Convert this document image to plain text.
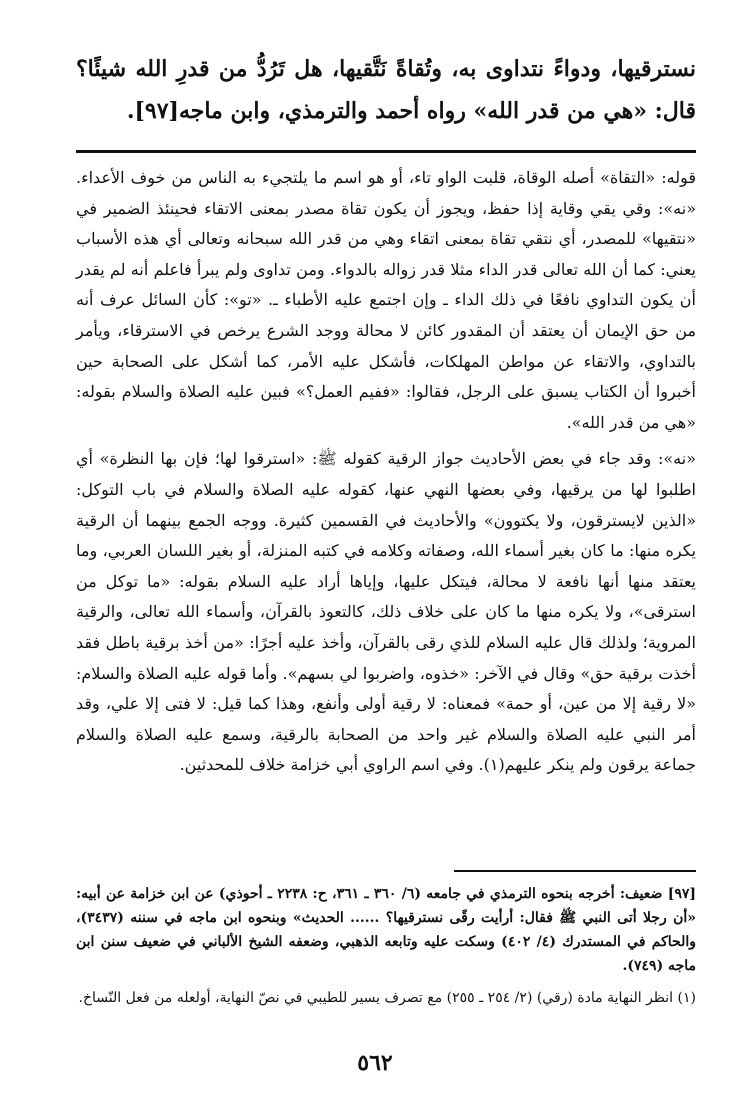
نسترقيها، ودواءً نتداوى به، وتُقاةً نَتَّقيها، هل تَرُدُّ من قدرِ الله شيئًا؟ قال: «هي من قدر الله» رواه أحمد والترمذي، وابن ماجه[٩٧].

قوله: «التقاة» أصله الوقاة، قلبت الواو تاء، أو هو اسم ما يلتجيء به الناس من خوف الأعداء. «نه»: وقي يقي وقاية إذا حفظ، ويجوز أن يكون تقاة مصدر بمعنى الاتقاء فحينئذ الضمير في «نتقيها» للمصدر، أي نتقي تقاة بمعنى اتقاء وهي من قدر الله سبحانه وتعالى أي هذه الأسباب يعني: كما أن الله تعالى قدر الداء مثلا قدر زواله بالدواء. ومن تداوى ولم يبرأ فاعلم أنه لم يقدر أن يكون التداوي نافعًا في ذلك الداء ـ وإن اجتمع عليه الأطباء ـ. «تو»: كأن السائل عرف أنه من حق الإيمان أن يعتقد أن المقدور كائن لا محالة ووجد الشرع يرخص في الاسترقاء، ويأمر بالتداوي، والاتقاء عن مواطن المهلكات، فأشكل عليه الأمر، كما أشكل على الصحابة حين أخبروا أن الكتاب يسبق على الرجل، فقالوا: «ففيم العمل؟» فبين عليه الصلاة والسلام بقوله: «هي من قدر الله».

«نه»: وقد جاء في بعض الأحاديث جواز الرقية كقوله ﷺ: «استرقوا لها؛ فإن بها النظرة» أي اطلبوا لها من يرقيها، وفي بعضها النهي عنها، كقوله عليه الصلاة والسلام في باب التوكل: «الذين لايسترقون، ولا يكتوون» والأحاديث في القسمين كثيرة. ووجه الجمع بينهما أن الرقية يكره منها: ما كان بغير أسماء الله، وصفاته وكلامه في كتبه المنزلة، أو بغير اللسان العربي، وما يعتقد منها أنها نافعة لا محالة، فيتكل عليها، وإياها أراد عليه السلام بقوله: «ما توكل من استرقى»، ولا يكره منها ما كان على خلاف ذلك، كالتعوذ بالقرآن، وأسماء الله تعالى، والرقية المروية؛ ولذلك قال عليه السلام للذي رقى بالقرآن، وأخذ عليه أجرًا: «من أخذ برقية باطل فقد أخذت برقية حق» وقال في الآخر: «خذوه، واضربوا لي بسهم». وأما قوله عليه الصلاة والسلام: «لا رقية إلا من عين، أو حمة» فمعناه: لا رقية أولى وأنفع، وهذا كما قيل: لا فتى إلا علي، وقد أمر النبي عليه الصلاة والسلام غير واحد من الصحابة بالرقية، وسمع عليه الصلاة والسلام جماعة يرقون ولم ينكر عليهم(١). وفي اسم الراوي أبي خزامة خلاف للمحدثين.

[٩٧] ضعيف: أخرجه بنحوه الترمذي في جامعه (٦/ ٣٦٠ ـ ٣٦١، ح: ٢٢٣٨ ـ أحوذي) عن ابن خزامة عن أبيه: «أن رجلا أتى النبي ﷺ فقال: أرأيت رقًى نسترقيها؟ ...... الحديث» وبنحوه ابن ماجه في سننه (٣٤٣٧)، والحاكم في المستدرك (٤/ ٤٠٢) وسكت عليه وتابعه الذهبي، وضعفه الشيخ الألباني في ضعيف سنن ابن ماجه (٧٤٩).
(١) انظر النهاية مادة (رقي) (٢/ ٢٥٤ ـ ٢٥٥) مع تصرف يسير للطيبي في نصّ النهاية، أولعله من فعل النّساخ.
٥٦٢
